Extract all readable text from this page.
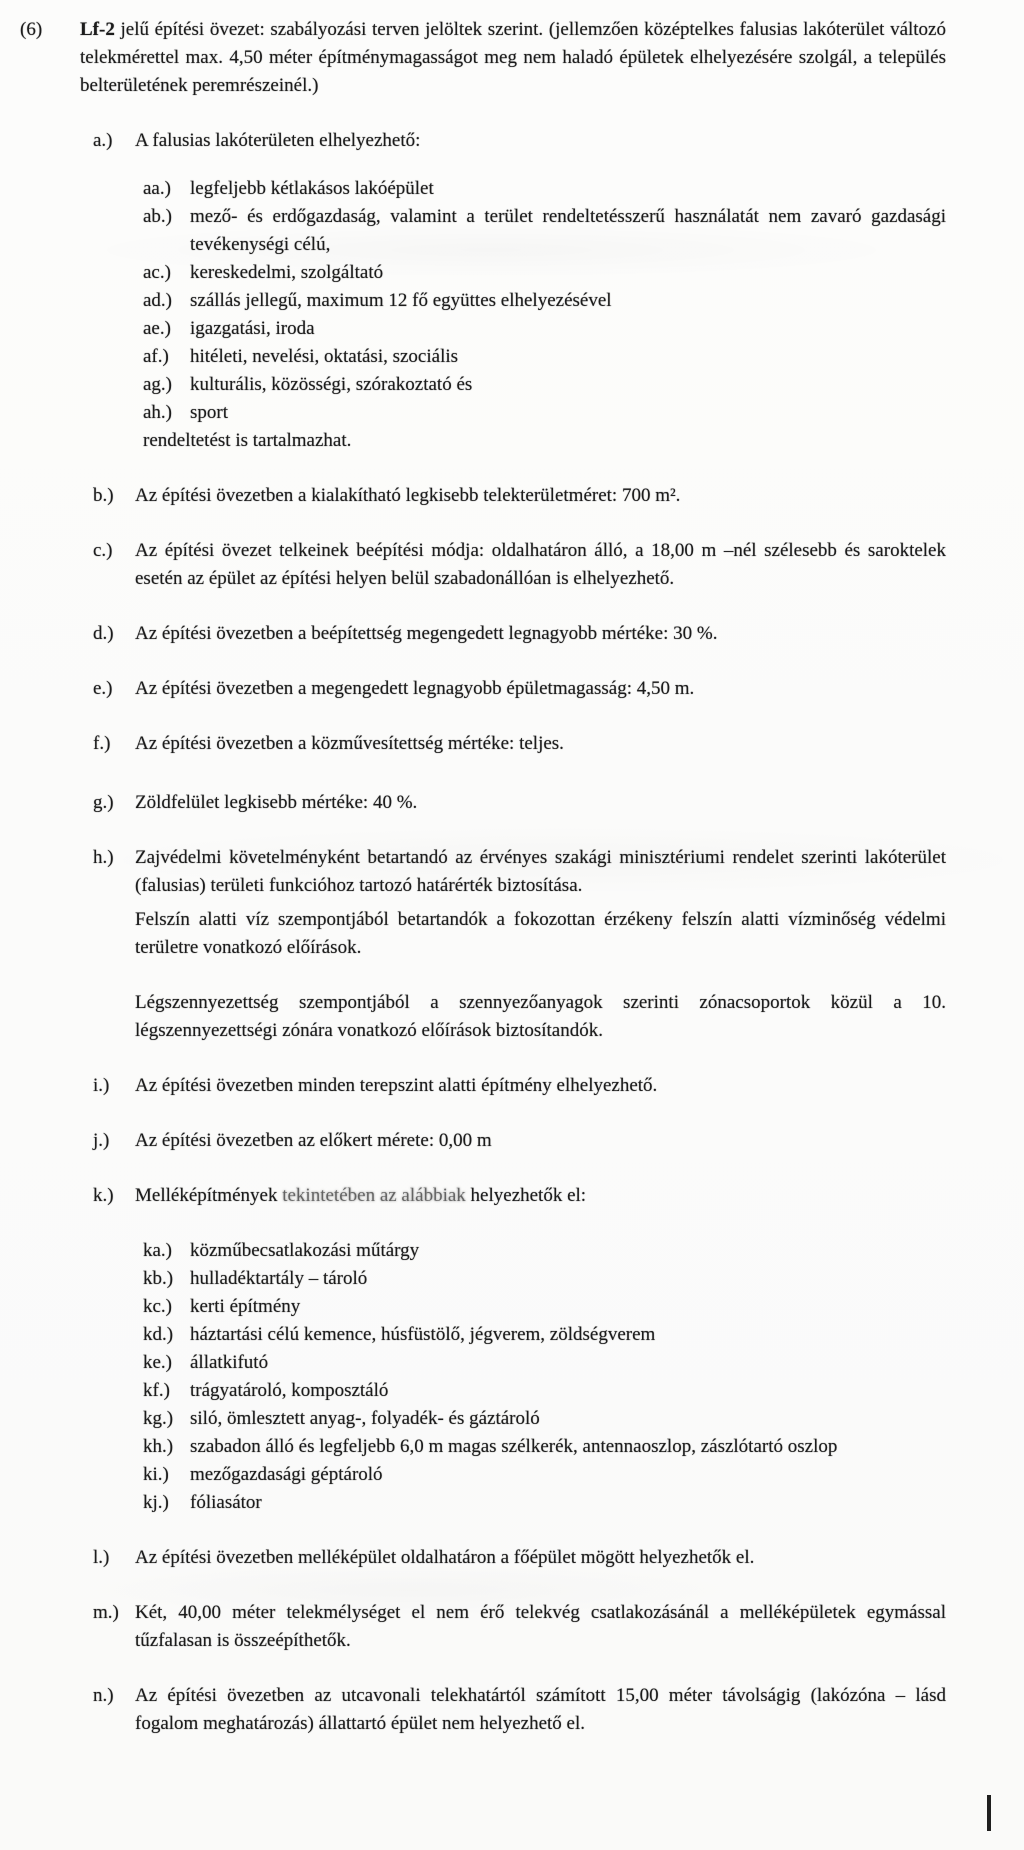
(6)	Lf-2 jelű építési övezet: szabályozási terven jelöltek szerint. (jellemzően középtelkes falusias lakóterület változó telekmérettel max. 4,50 méter építménymagasságot meg nem haladó épületek elhelyezésére szolgál, a település belterületének peremrészeinél.)
a.)	A falusias lakóterületen elhelyezhető:
aa.)	legfeljebb kétlakásos lakóépület
ab.) mező- és erdőgazdaság, valamint a terület rendeltetésszerű használatát nem zavaró gazdasági tevékenységi célú,
ac.)	kereskedelmi, szolgáltató
ad.) szállás jellegű, maximum 12 fő együttes elhelyezésével
ae.)	igazgatási, iroda
af.)	hitéleti, nevelési, oktatási, szociális
ag.) kulturális, közösségi, szórakoztató és
ah.) sport
rendeltetést is tartalmazhat.
b.)	Az építési övezetben a kialakítható legkisebb telekterületméret: 700 m².
c.)	Az építési övezet telkeinek beépítési módja: oldalhatáron álló, a 18,00 m –nél szélesebb és saroktelek esetén az épület az építési helyen belül szabadonállóan is elhelyezhető.
d.)	Az építési övezetben a beépítettség megengedett legnagyobb mértéke: 30 %.
e.)	Az építési övezetben a megengedett legnagyobb épületmagasság: 4,50 m.
f.)	Az építési övezetben a közművesítettség mértéke: teljes.
g.)	Zöldfelület legkisebb mértéke: 40 %.
h.)	Zajvédelmi követelményként betartandó az érvényes szakági minisztériumi rendelet szerinti lakóterület (falusias) területi funkcióhoz tartozó határérték biztosítása.
Felszín alatti víz szempontjából betartandók a fokozottan érzékeny felszín alatti vízminőség védelmi területre vonatkozó előírások.
Légszennyezettség szempontjából a szennyezőanyagok szerinti zónacsoportok közül a 10. légszennyezettségi zónára vonatkozó előírások biztosítandók.
i.)	Az építési övezetben minden terepszint alatti építmény elhelyezhető.
j.)	Az építési övezetben az előkert mérete: 0,00 m
k.)	Melléképítmények tekintetében az alábbiak helyezhetők el:
ka.) közműbecsatlakozási műtárgy
kb.) hulladéktartály – tároló
kc.) kerti építmény
kd.) háztartási célú kemence, húsfüstölő, jégverem, zöldségverem
ke.) állatkifutó
kf.)	trágyatároló, komposztáló
kg.) siló, ömlesztett anyag-, folyadék- és gáztároló
kh.) szabadon álló és legfeljebb 6,0 m magas szélkerék, antennaoszlop, zászlótartó oszlop
ki.)	mezőgazdasági géptároló
kj.)	fóliasátor
l.)	Az építési övezetben melléképület oldalhatáron a főépület mögött helyezhetők el.
m.) Két, 40,00 méter telekmélységet el nem érő telekvég csatlakozásánál a melléképületek egymással tűzfalasan is összeépíthetők.
n.)	Az építési övezetben az utcavonali telekhatártól számított 15,00 méter távolságig (lakózóna – lásd fogalom meghatározás) állattartó épület nem helyezhető el.
